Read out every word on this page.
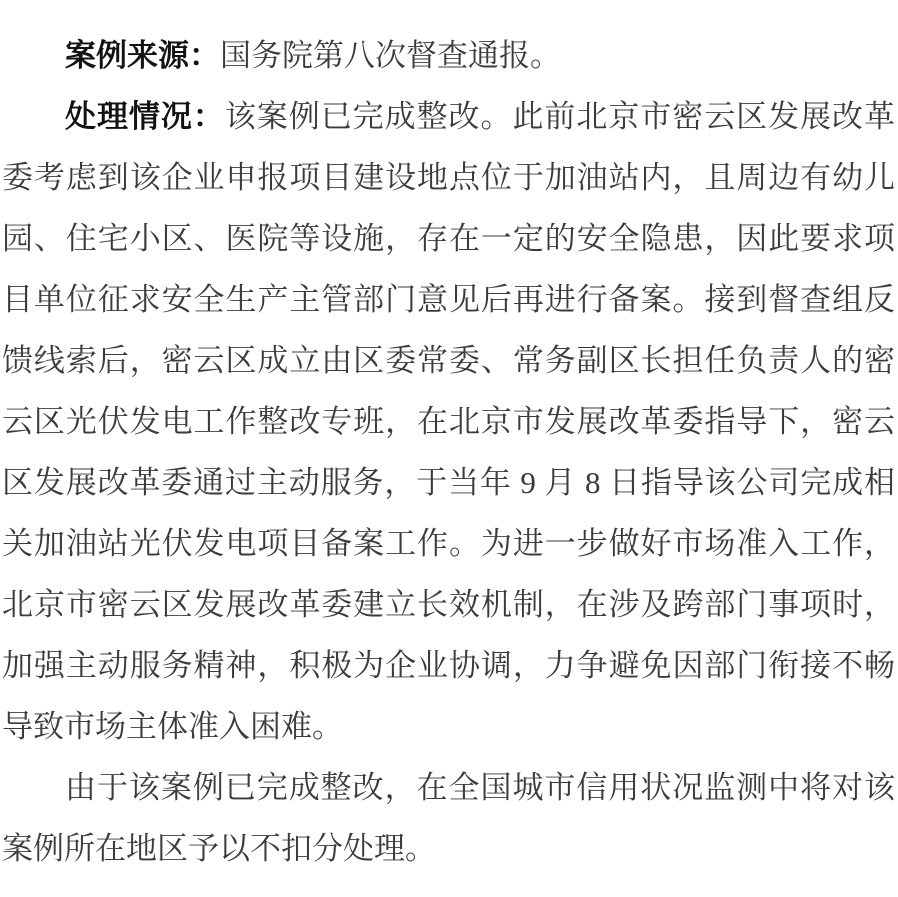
案例来源：国务院第八次督查通报。
处理情况：该案例已完成整改。此前北京市密云区发展改革
委考虑到该企业申报项目建设地点位于加油站内，且周边有幼儿
园、住宅小区、医院等设施，存在一定的安全隐患，因此要求项
目单位征求安全生产主管部门意见后再进行备案。接到督查组反
馈线索后，密云区成立由区委常委、常务副区长担任负责人的密
云区光伏发电工作整改专班，在北京市发展改革委指导下，密云
区发展改革委通过主动服务，于当年 9 月 8 日指导该公司完成相
关加油站光伏发电项目备案工作。为进一步做好市场准入工作，
北京市密云区发展改革委建立长效机制，在涉及跨部门事项时，
加强主动服务精神，积极为企业协调，力争避免因部门衔接不畅
导致市场主体准入困难。
由于该案例已完成整改，在全国城市信用状况监测中将对该
案例所在地区予以不扣分处理。
